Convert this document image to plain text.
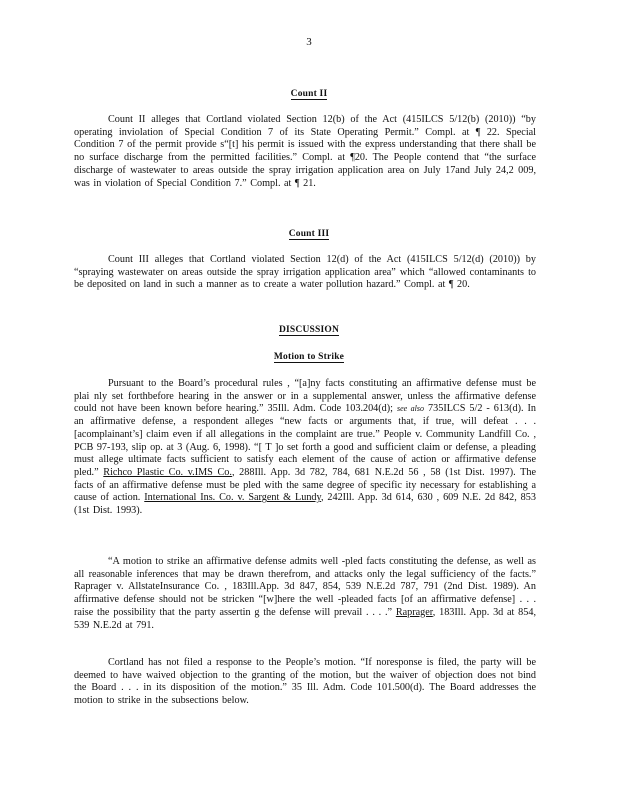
3
Count II
Count II alleges that Cortland violated Section 12(b) of the Act (415ILCS 5/12(b) (2010)) “by operating inviolation of Special Condition 7 of its State Operating Permit.” Compl. at ¶ 22. Special Condition 7 of the permit provide s“[t] his permit is issued with the express understanding that there shall be no surface discharge from the permitted facilities.” Compl. at ¶20. The People contend that “the surface discharge of wastewater to areas outside the spray irrigation application area on July 17and July 24,2 009, was in violation of Special Condition 7.” Compl. at ¶ 21.
Count III
Count III alleges that Cortland violated Section 12(d) of the Act (415ILCS 5/12(d) (2010)) by “spraying wastewater on areas outside the spray irrigation application area” which “allowed contaminants to be deposited on land in such a manner as to create a water pollution hazard.” Compl. at ¶ 20.
DISCUSSION
Motion to Strike
Pursuant to the Board’s procedural rules , “[a]ny facts constituting an affirmative defense must be plai nly set forthbefore hearing in the answer or in a supplemental answer, unless the affirmative defense could not have been known before hearing.” 35Ill. Adm. Code 103.204(d); see also 735ILCS 5/2 - 613(d). In an affirmative defense, a respondent alleges “new facts or arguments that, if true, will defeat . . . [acomplainant’s] claim even if all allegations in the complaint are true.” People v. Community Landfill Co. , PCB 97-193, slip op. at 3 (Aug. 6, 1998). “[ T ]o set forth a good and sufficient claim or defense, a pleading must allege ultimate facts sufficient to satisfy each element of the cause of action or affirmative defense pled.” Richco Plastic Co. v.IMS Co., 288Ill. App. 3d 782, 784, 681 N.E.2d 56 , 58 (1st Dist. 1997). The facts of an affirmative defense must be pled with the same degree of specific ity necessary for establishing a cause of action. International Ins. Co. v. Sargent & Lundy, 242Ill. App. 3d 614, 630 , 609 N.E. 2d 842, 853 (1st Dist. 1993).
“A motion to strike an affirmative defense admits well -pled facts constituting the defense, as well as all reasonable inferences that may be drawn therefrom, and attacks only the legal sufficiency of the facts.” Raprager v. AllstateInsurance Co. , 183Ill.App. 3d 847, 854, 539 N.E.2d 787, 791 (2nd Dist. 1989). An affirmative defense should not be stricken “[w]here the well -pleaded facts [of an affirmative defense] . . . raise the possibility that the party assertin g the defense will prevail . . . .” Raprager, 183Ill. App. 3d at 854, 539 N.E.2d at 791.
Cortland has not filed a response to the People’s motion. “If noresponse is filed, the party will be deemed to have waived objection to the granting of the motion, but the waiver of objection does not bind the Board . . . in its disposition of the motion.” 35 Ill. Adm. Code 101.500(d). The Board addresses the motion to strike in the subsections below.
